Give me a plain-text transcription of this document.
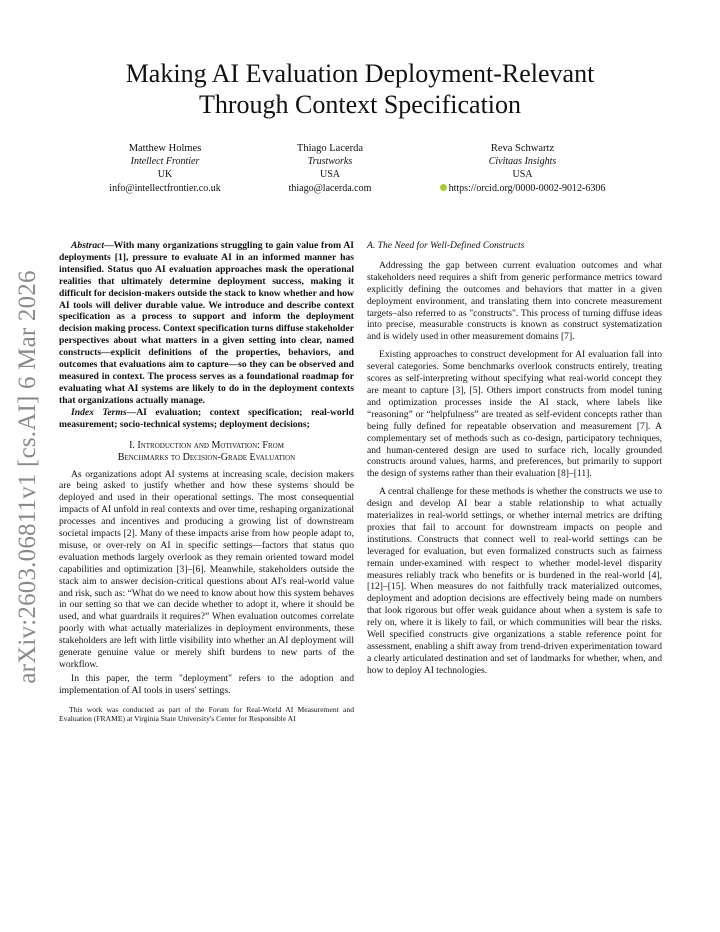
arXiv:2603.06811v1 [cs.AI] 6 Mar 2026
Making AI Evaluation Deployment-Relevant
Through Context Specification
Matthew Holmes
Intellect Frontier
UK
info@intellectfrontier.co.uk
Thiago Lacerda
Trustworks
USA
thiago@lacerda.com
Reva Schwartz
Civitaas Insights
USA
https://orcid.org/0000-0002-9012-6306

Abstract—With many organizations struggling to gain value from AI deployments [1], pressure to evaluate AI in an informed manner has intensified. Status quo AI evaluation approaches mask the operational realities that ultimately determine deployment success, making it difficult for decision-makers outside the stack to know whether and how AI tools will deliver durable value. We introduce and describe context specification as a process to support and inform the deployment decision making process. Context specification turns diffuse stakeholder perspectives about what matters in a given setting into clear, named constructs—explicit definitions of the properties, behaviors, and outcomes that evaluations aim to capture—so they can be observed and measured in context. The process serves as a foundational roadmap for evaluating what AI systems are likely to do in the deployment contexts that organizations actually manage.

Index Terms—AI evaluation; context specification; real-world measurement; socio-technical systems; deployment decisions;

I. Introduction and Motivation: From
Benchmarks to Decision-Grade Evaluation

As organizations adopt AI systems at increasing scale, decision makers are being asked to justify whether and how these systems should be deployed and used in their operational settings. The most consequential impacts of AI unfold in real contexts and over time, reshaping organizational processes and incentives and producing a growing list of downstream societal impacts [2]. Many of these impacts arise from how people adapt to, misuse, or over-rely on AI in specific settings—factors that status quo evaluation methods largely overlook as they remain oriented toward model capabilities and optimization [3]–[6]. Meanwhile, stakeholders outside the stack aim to answer decision-critical questions about AI's real-world value and risk, such as: “What do we need to know about how this system behaves in our setting so that we can decide whether to adopt it, where it should be used, and what guardrails it requires?” When evaluation outcomes correlate poorly with what actually materializes in deployment environments, these stakeholders are left with little visibility into whether an AI deployment will generate genuine value or merely shift burdens to new parts of the workflow.

In this paper, the term "deployment" refers to the adoption and implementation of AI tools in users' settings.

This work was conducted as part of the Forum for Real-World AI Measurement and Evaluation (FRAME) at Virginia State University's Center for Responsible AI
A. The Need for Well-Defined Constructs

Addressing the gap between current evaluation outcomes and what stakeholders need requires a shift from generic performance metrics toward explicitly defining the outcomes and behaviors that matter in a given deployment environment, and translating them into concrete measurement targets–also referred to as "constructs". This process of turning diffuse ideas into precise, measurable constructs is known as construct systematization and is widely used in other measurement domains [7].

Existing approaches to construct development for AI evaluation fall into several categories. Some benchmarks overlook constructs entirely, treating scores as self-interpreting without specifying what real-world concept they are meant to capture [3], [5]. Others import constructs from model tuning and optimization processes inside the AI stack, where labels like “reasoning” or “helpfulness” are treated as self-evident concepts rather than being fully defined for repeatable observation and measurement [7]. A complementary set of methods such as co-design, participatory techniques, and human-centered design are used to surface rich, locally grounded constructs around values, harms, and preferences, but primarily to support the design of systems rather than their evaluation [8]–[11].

A central challenge for these methods is whether the constructs we use to design and develop AI bear a stable relationship to what actually materializes in real-world settings, or whether internal metrics are drifting proxies that fail to account for downstream impacts on people and institutions. Constructs that connect well to real-world settings can be leveraged for evaluation, but even formalized constructs such as fairness remain under-examined with respect to whether model-level disparity measures reliably track who benefits or is burdened in the real-world [4], [12]–[15]. When measures do not faithfully track materialized outcomes, deployment and adoption decisions are effectively being made on numbers that look rigorous but offer weak guidance about when a system is safe to rely on, where it is likely to fail, or which communities will bear the risks. Well specified constructs give organizations a stable reference point for assessment, enabling a shift away from trend-driven experimentation toward a clearly articulated destination and set of landmarks for whether, when, and how to deploy AI technologies.
